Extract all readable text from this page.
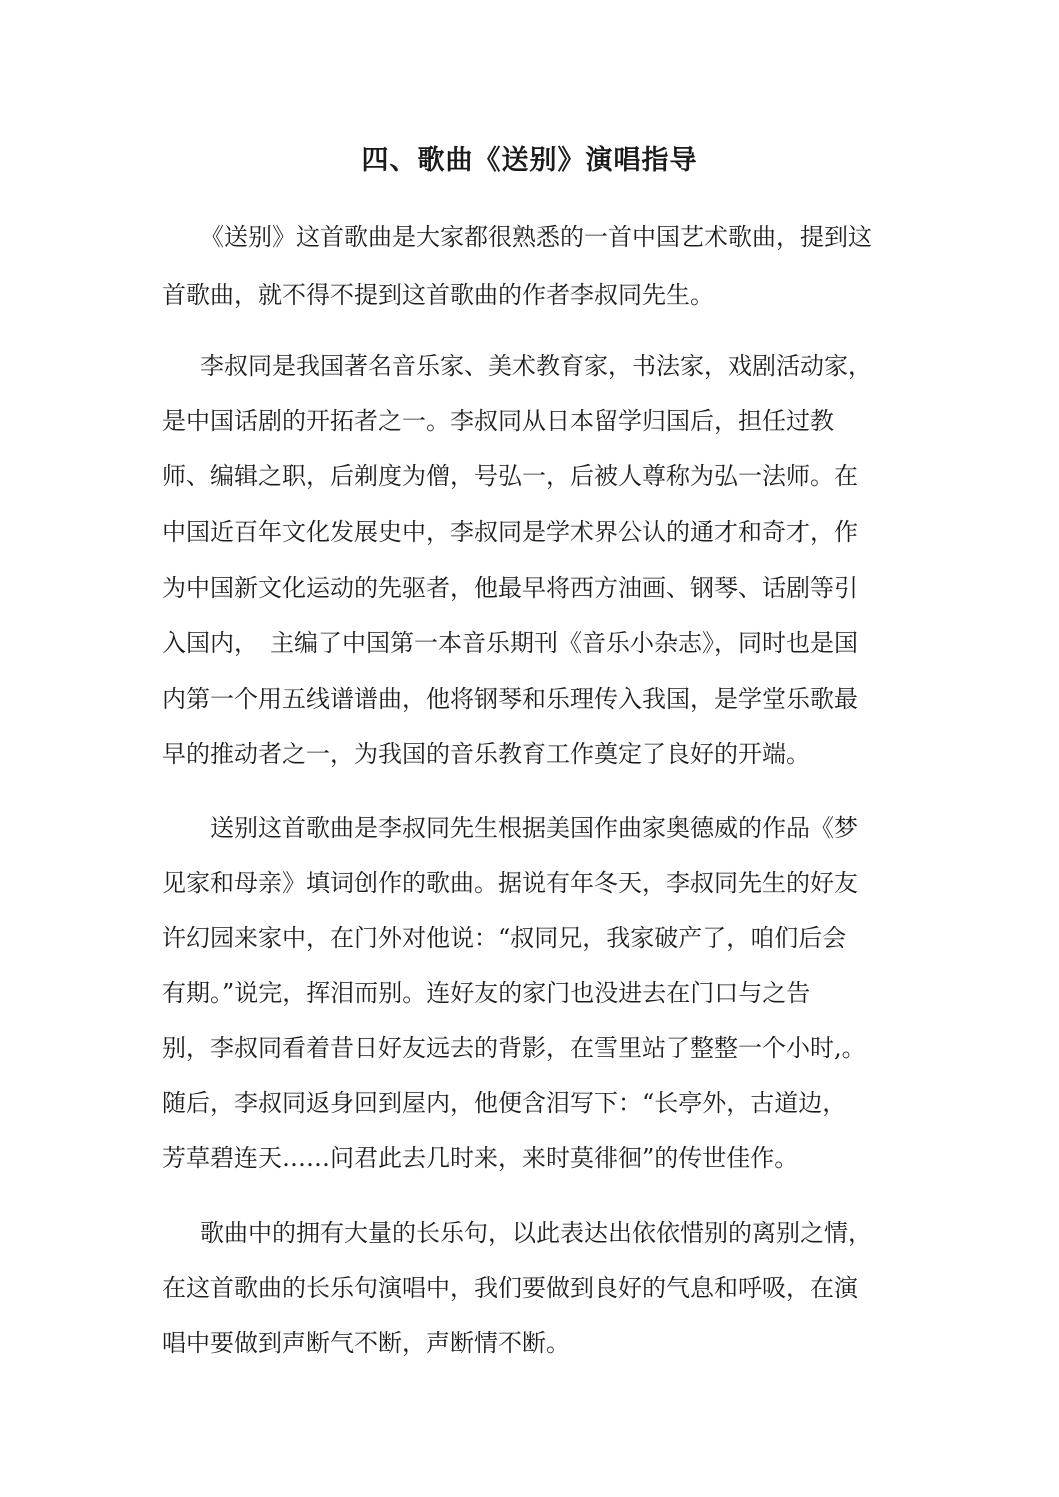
四、歌曲《送别》演唱指导
《送别》这首歌曲是大家都很熟悉的一首中国艺术歌曲，提到这
首歌曲，就不得不提到这首歌曲的作者李叔同先生。
李叔同是我国著名音乐家、美术教育家，书法家，戏剧活动家，
是中国话剧的开拓者之一。李叔同从日本留学归国后，担任过教
师、编辑之职，后剃度为僧，号弘一，后被人尊称为弘一法师。在
中国近百年文化发展史中，李叔同是学术界公认的通才和奇才，作
为中国新文化运动的先驱者，他最早将西方油画、钢琴、话剧等引
入国内，　主编了中国第一本音乐期刊《音乐小杂志》，同时也是国
内第一个用五线谱谱曲，他将钢琴和乐理传入我国，是学堂乐歌最
早的推动者之一，为我国的音乐教育工作奠定了良好的开端。
送别这首歌曲是李叔同先生根据美国作曲家奥德威的作品《梦
见家和母亲》填词创作的歌曲。据说有年冬天，李叔同先生的好友
许幻园来家中，在门外对他说：“叔同兄，我家破产了，咱们后会
有期。”说完，挥泪而别。连好友的家门也没进去在门口与之告
别，李叔同看着昔日好友远去的背影，在雪里站了整整一个小时,。
随后，李叔同返身回到屋内，他便含泪写下：“长亭外，古道边，
芳草碧连天……问君此去几时来，来时莫徘徊”的传世佳作。
歌曲中的拥有大量的长乐句，以此表达出依依惜别的离别之情，
在这首歌曲的长乐句演唱中，我们要做到良好的气息和呼吸，在演
唱中要做到声断气不断，声断情不断。
